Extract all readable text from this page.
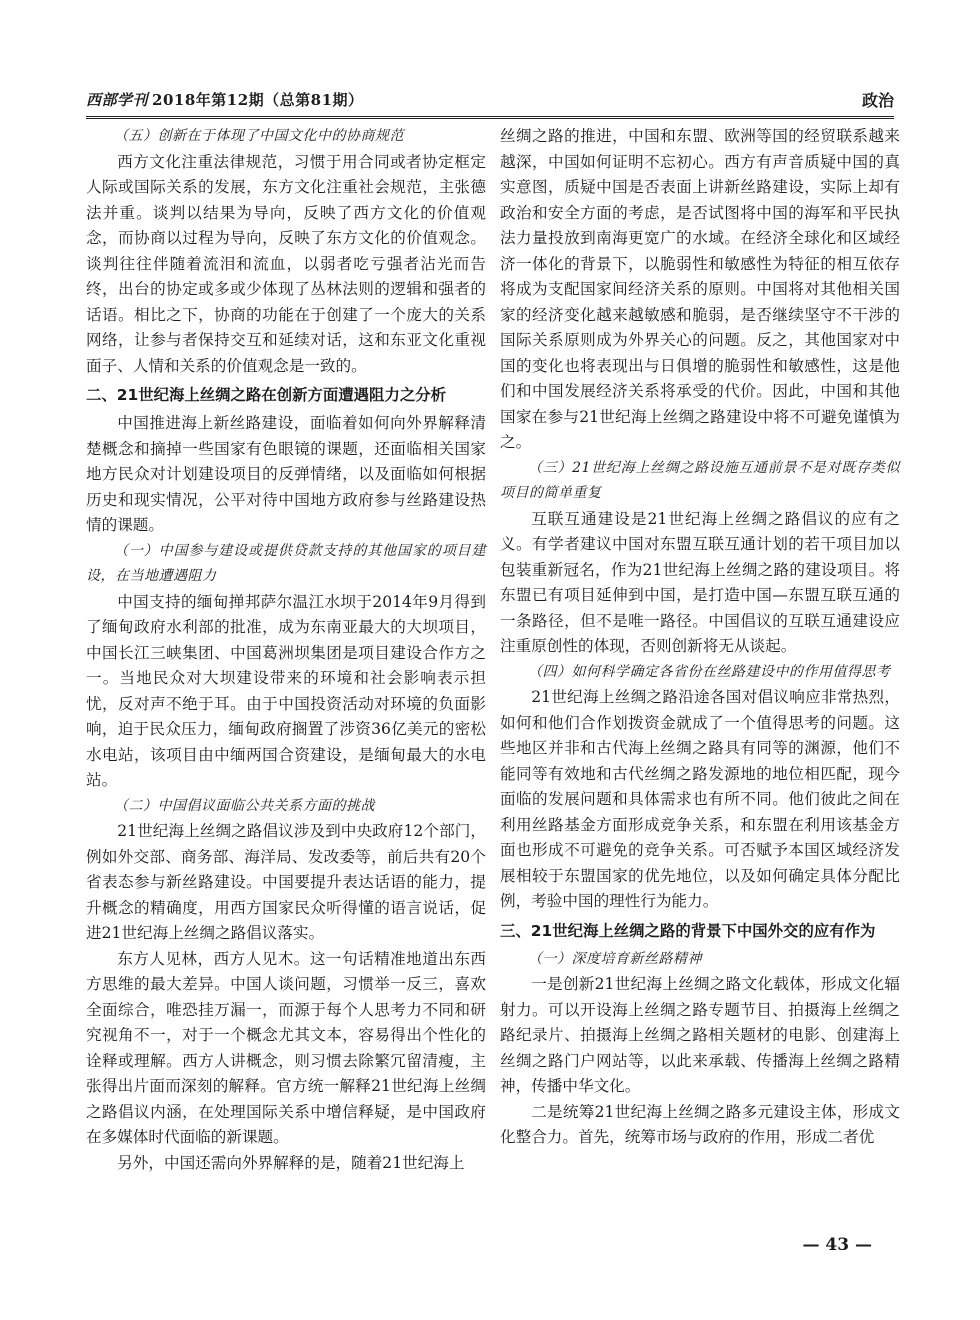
西部学刊 2018年第12期（总第81期）	政治
（五）创新在于体现了中国文化中的协商规范

西方文化注重法律规范，习惯于用合同或者协定框定人际或国际关系的发展，东方文化注重社会规范，主张德法并重。谈判以结果为导向，反映了西方文化的价值观念，而协商以过程为导向，反映了东方文化的价值观念。谈判往往伴随着流泪和流血，以弱者吃亏强者沾光而告终，出台的协定或多或少体现了丛林法则的逻辑和强者的话语。相比之下，协商的功能在于创建了一个庞大的关系网络，让参与者保持交互和延续对话，这和东亚文化重视面子、人情和关系的价值观念是一致的。

二、21世纪海上丝绸之路在创新方面遭遇阻力之分析

中国推进海上新丝路建设，面临着如何向外界解释清楚概念和摘掉一些国家有色眼镜的课题，还面临相关国家地方民众对计划建设项目的反弹情绪，以及面临如何根据历史和现实情况，公平对待中国地方政府参与丝路建设热情的课题。

（一）中国参与建设或提供贷款支持的其他国家的项目建设，在当地遭遇阻力

中国支持的缅甸掸邦萨尔温江水坝于2014年9月得到了缅甸政府水利部的批准，成为东南亚最大的大坝项目，中国长江三峡集团、中国葛洲坝集团是项目建设合作方之一。当地民众对大坝建设带来的环境和社会影响表示担忧，反对声不绝于耳。由于中国投资活动对环境的负面影响，迫于民众压力，缅甸政府搁置了涉资36亿美元的密松水电站，该项目由中缅两国合资建设，是缅甸最大的水电站。

（二）中国倡议面临公共关系方面的挑战

21世纪海上丝绸之路倡议涉及到中央政府12个部门，例如外交部、商务部、海洋局、发改委等，前后共有20个省表态参与新丝路建设。中国要提升表达话语的能力，提升概念的精确度，用西方国家民众听得懂的语言说话，促进21世纪海上丝绸之路倡议落实。

东方人见林，西方人见木。这一句话精准地道出东西方思维的最大差异。中国人谈问题，习惯举一反三，喜欢全面综合，唯恐挂万漏一，而源于每个人思考力不同和研究视角不一，对于一个概念尤其文本，容易得出个性化的诠释或理解。西方人讲概念，则习惯去除繁冗留清瘦，主张得出片面而深刻的解释。官方统一解释21世纪海上丝绸之路倡议内涵，在处理国际关系中增信释疑，是中国政府在多媒体时代面临的新课题。

另外，中国还需向外界解释的是，随着21世纪海上

丝绸之路的推进，中国和东盟、欧洲等国的经贸联系越来越深，中国如何证明不忘初心。西方有声音质疑中国的真实意图，质疑中国是否表面上讲新丝路建设，实际上却有政治和安全方面的考虑，是否试图将中国的海军和平民执法力量投放到南海更宽广的水域。在经济全球化和区域经济一体化的背景下，以脆弱性和敏感性为特征的相互依存将成为支配国家间经济关系的原则。中国将对其他相关国家的经济变化越来越敏感和脆弱，是否继续坚守不干涉的国际关系原则成为外界关心的问题。反之，其他国家对中国的变化也将表现出与日俱增的脆弱性和敏感性，这是他们和中国发展经济关系将承受的代价。因此，中国和其他国家在参与21世纪海上丝绸之路建设中将不可避免谨慎为之。

（三）21世纪海上丝绸之路设施互通前景不是对既存类似项目的简单重复

互联互通建设是21世纪海上丝绸之路倡议的应有之义。有学者建议中国对东盟互联互通计划的若干项目加以包装重新冠名，作为21世纪海上丝绸之路的建设项目。将东盟已有项目延伸到中国，是打造中国—东盟互联互通的一条路径，但不是唯一路径。中国倡议的互联互通建设应注重原创性的体现，否则创新将无从谈起。

（四）如何科学确定各省份在丝路建设中的作用值得思考

21世纪海上丝绸之路沿途各国对倡议响应非常热烈，如何和他们合作划拨资金就成了一个值得思考的问题。这些地区并非和古代海上丝绸之路具有同等的渊源，他们不能同等有效地和古代丝绸之路发源地的地位相匹配，现今面临的发展问题和具体需求也有所不同。他们彼此之间在利用丝路基金方面形成竞争关系，和东盟在利用该基金方面也形成不可避免的竞争关系。可否赋予本国区域经济发展相较于东盟国家的优先地位，以及如何确定具体分配比例，考验中国的理性行为能力。

三、21世纪海上丝绸之路的背景下中国外交的应有作为
（一）深度培育新丝路精神

一是创新21世纪海上丝绸之路文化载体，形成文化辐射力。可以开设海上丝绸之路专题节目、拍摄海上丝绸之路纪录片、拍摄海上丝绸之路相关题材的电影、创建海上丝绸之路门户网站等，以此来承载、传播海上丝绸之路精神，传播中华文化。

二是统筹21世纪海上丝绸之路多元建设主体，形成文化整合力。首先，统筹市场与政府的作用，形成二者优

— 43 —
